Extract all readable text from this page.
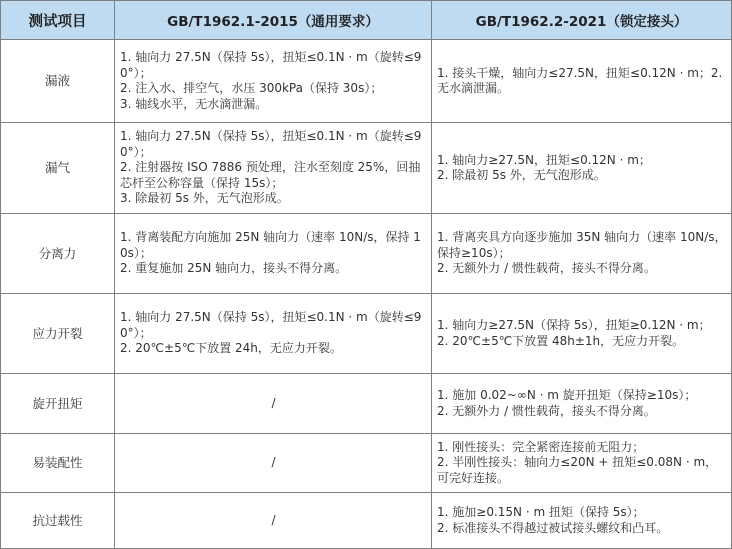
测试项目	GB/T1962.1-2015（通用要求）	GB/T1962.2-2021（锁定接头）
漏液	1. 轴向力 27.5N（保持 5s），扭矩≤0.1N · m（旋转≤90°）；
2. 注入水、排空气，水压 300kPa（保持 30s）；
3. 轴线水平，无水滴泄漏。	1. 接头干燥，轴向力≤27.5N，扭矩≤0.12N · m；2. 无水滴泄漏。

漏气	1. 轴向力 27.5N（保持 5s），扭矩≤0.1N · m（旋转≤90°）；
2. 注射器按 ISO 7886 预处理，注水至刻度 25%，回抽芯杆至公称容量（保持 15s）；
3. 除最初 5s 外，无气泡形成。	1. 轴向力≥27.5N，扭矩≤0.12N · m；
2. 除最初 5s 外，无气泡形成。

分离力	1. 背离装配方向施加 25N 轴向力（速率 10N/s，保持 10s）；
2. 重复施加 25N 轴向力，接头不得分离。	1. 背离夹具方向逐步施加 35N 轴向力（速率 10N/s，保持≥10s）；
2. 无额外力 / 惯性载荷，接头不得分离。

应力开裂	1. 轴向力 27.5N（保持 5s），扭矩≤0.1N · m（旋转≤90°）；
2. 20℃±5℃下放置 24h，无应力开裂。	1. 轴向力≥27.5N（保持 5s），扭矩≥0.12N · m；
2. 20℃±5℃下放置 48h±1h，无应力开裂。

旋开扭矩	/	1. 施加 0.02~∞N · m 旋开扭矩（保持≥10s）；
2. 无额外力 / 惯性载荷，接头不得分离。

易装配性	/	1. 刚性接头：完全紧密连接前无阻力；
2. 半刚性接头：轴向力≤20N + 扭矩≤0.08N · m，可完好连接。

抗过载性	/	1. 施加≥0.15N · m 扭矩（保持 5s）；
2. 标准接头不得越过被试接头螺纹和凸耳。
